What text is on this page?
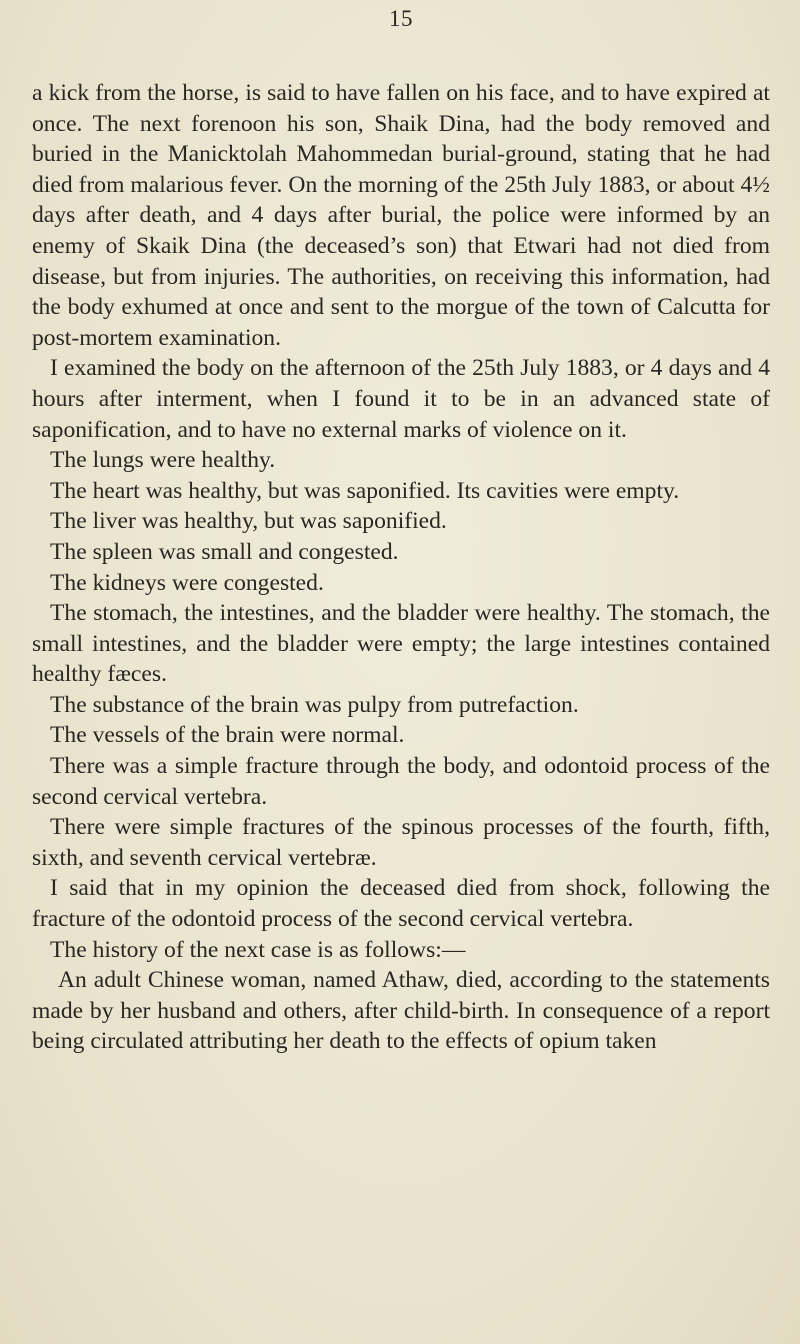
15

a kick from the horse, is said to have fallen on his face, and to have expired at once. The next forenoon his son, Shaik Dina, had the body removed and buried in the Manicktolah Mahommedan burial-ground, stating that he had died from malarious fever. On the morning of the 25th July 1883, or about 4½ days after death, and 4 days after burial, the police were informed by an enemy of Skaik Dina (the deceased’s son) that Etwari had not died from disease, but from injuries. The authorities, on receiving this information, had the body exhumed at once and sent to the morgue of the town of Calcutta for post-mortem examination.

I examined the body on the afternoon of the 25th July 1883, or 4 days and 4 hours after interment, when I found it to be in an advanced state of saponification, and to have no external marks of violence on it.

The lungs were healthy.

The heart was healthy, but was saponified. Its cavities were empty.

The liver was healthy, but was saponified.

The spleen was small and congested.

The kidneys were congested.

The stomach, the intestines, and the bladder were healthy. The stomach, the small intestines, and the bladder were empty; the large intestines contained healthy fæces.

The substance of the brain was pulpy from putrefaction.

The vessels of the brain were normal.

There was a simple fracture through the body, and odontoid process of the second cervical vertebra.

There were simple fractures of the spinous processes of the fourth, fifth, sixth, and seventh cervical vertebræ.

I said that in my opinion the deceased died from shock, following the fracture of the odontoid process of the second cervical vertebra.

The history of the next case is as follows:—

An adult Chinese woman, named Athaw, died, according to the statements made by her husband and others, after child-birth. In consequence of a report being circulated attributing her death to the effects of opium taken
